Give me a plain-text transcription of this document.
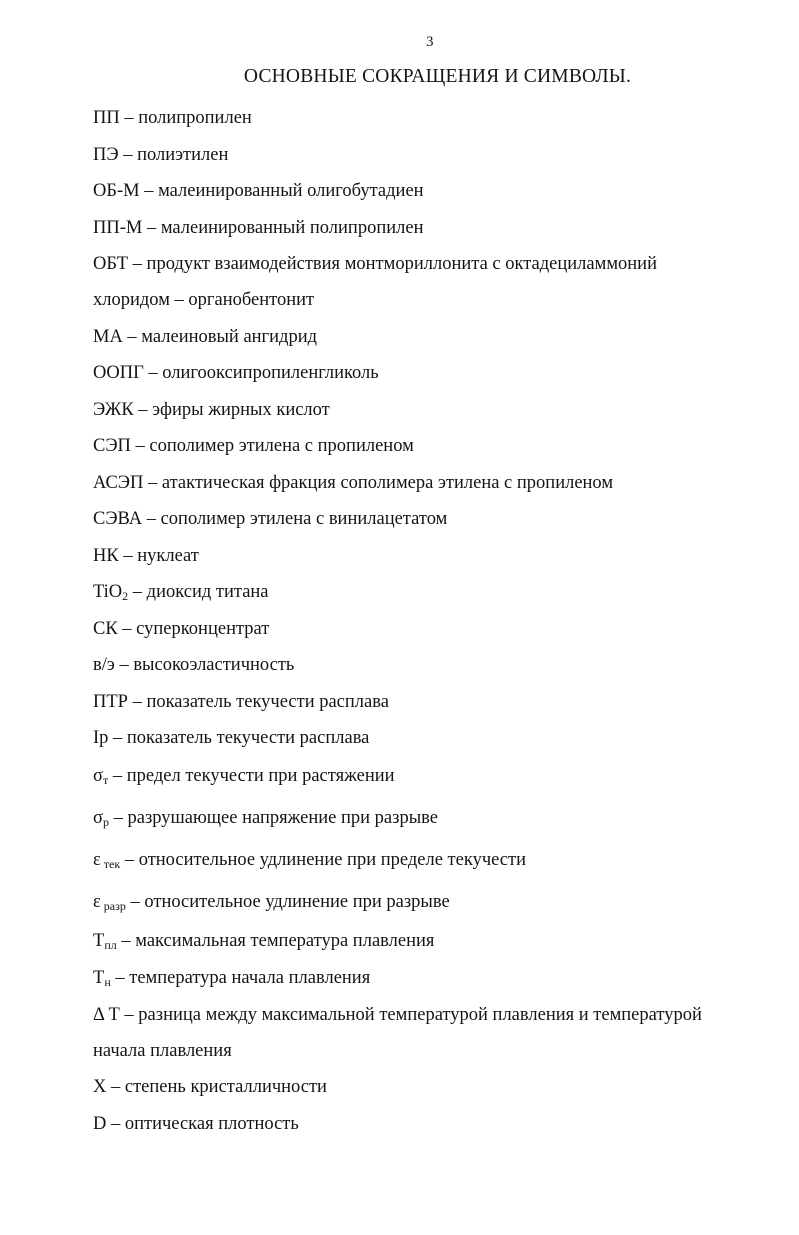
3
ОСНОВНЫЕ СОКРАЩЕНИЯ И СИМВОЛЫ.
ПП – полипропилен
ПЭ – полиэтилен
ОБ-М – малеинированный олигобутадиен
ПП-М – малеинированный полипропилен
ОБТ – продукт взаимодействия монтмориллонита с октадециламмоний
хлоридом – органобентонит
МА – малеиновый ангидрид
ООПГ – олигооксипропиленгликоль
ЭЖК – эфиры жирных кислот
СЭП – сополимер этилена с пропиленом
АСЭП – атактическая фракция сополимера этилена с пропиленом
СЭВА – сополимер этилена с винилацетатом
НК – нуклеат
TiO$_2$ – диоксид титана
СК – суперконцентрат
в/э – высокоэластичность
ПТР – показатель текучести расплава
Ip – показатель текучести расплава
$\sigma_т$ – предел текучести при растяжении
$\sigma_р$ – разрушающее напряжение при разрыве
ε $_{тек}$ – относительное удлинение при пределе текучести
ε $_{разр}$ – относительное удлинение при разрыве
$Т_{пл}$ – максимальная температура плавления
$Т_н$ – температура начала плавления
Δ Т – разница между максимальной температурой плавления и температурой
начала плавления
Х – степень кристалличности
D – оптическая плотность
